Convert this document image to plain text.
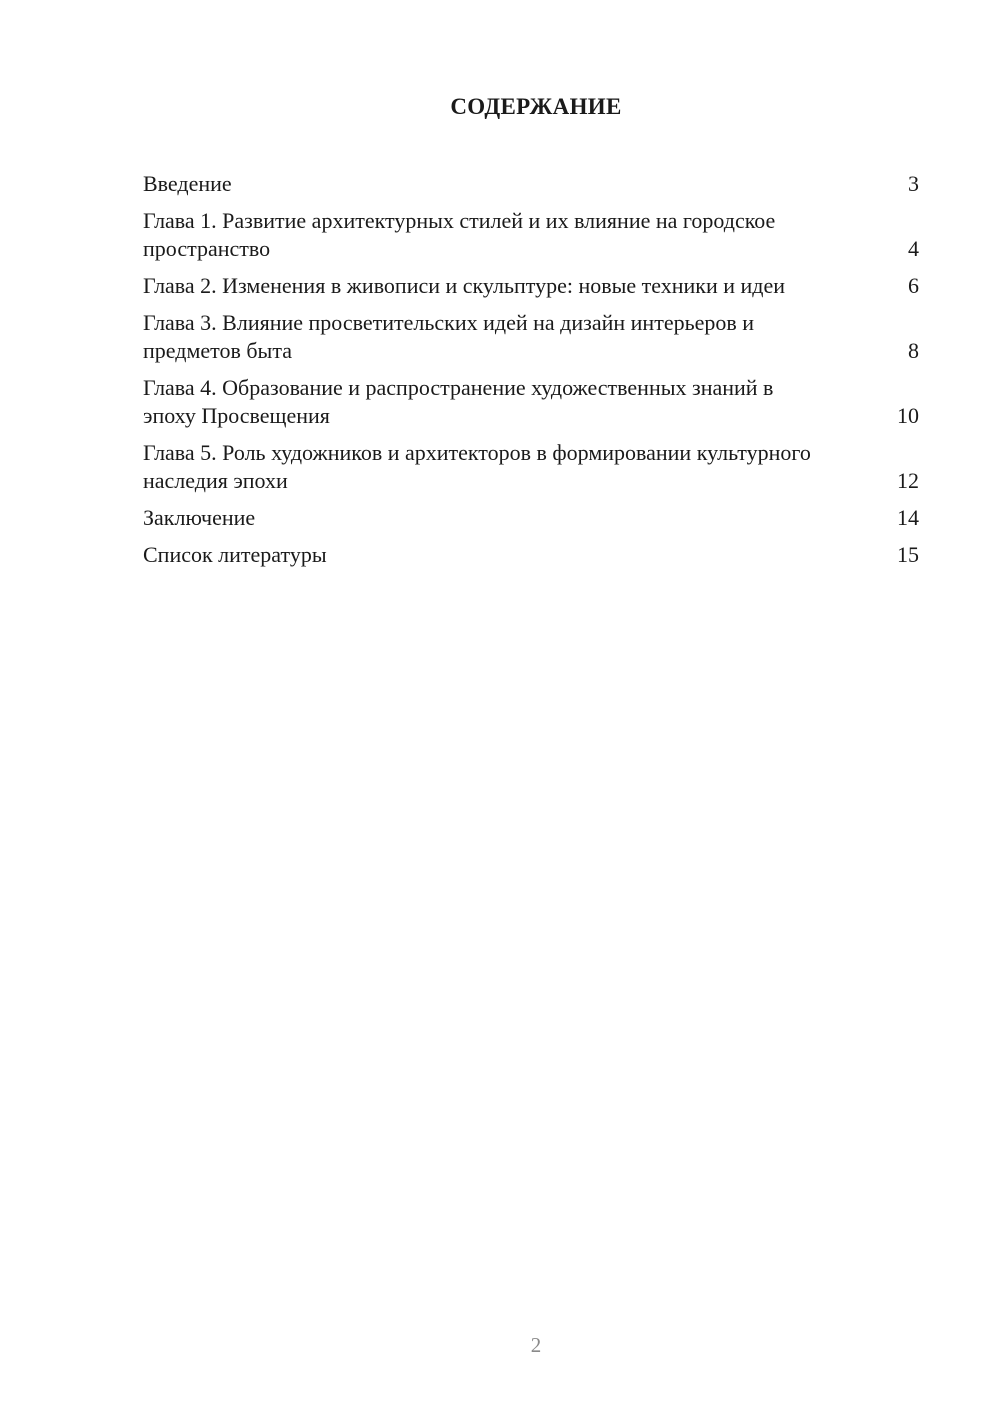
СОДЕРЖАНИЕ
Введение	3
Глава 1. Развитие архитектурных стилей и их влияние на городское пространство	4
Глава 2. Изменения в живописи и скульптуре: новые техники и идеи	6
Глава 3. Влияние просветительских идей на дизайн интерьеров и предметов быта	8
Глава 4. Образование и распространение художественных знаний в эпоху Просвещения	10
Глава 5. Роль художников и архитекторов в формировании культурного наследия эпохи	12
Заключение	14
Список литературы	15
2
